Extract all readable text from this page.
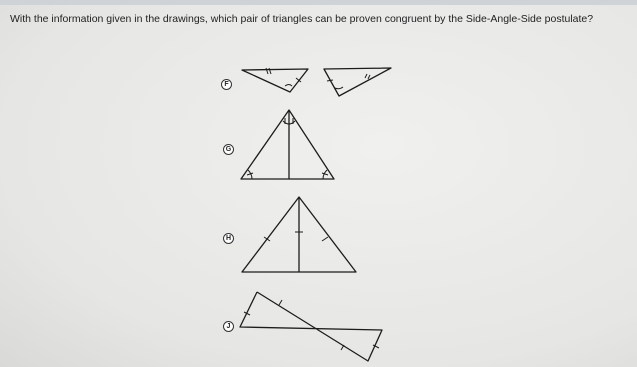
With the information given in the drawings, which pair of triangles can be proven congruent by the Side-Angle-Side postulate?
F
G
H
J
